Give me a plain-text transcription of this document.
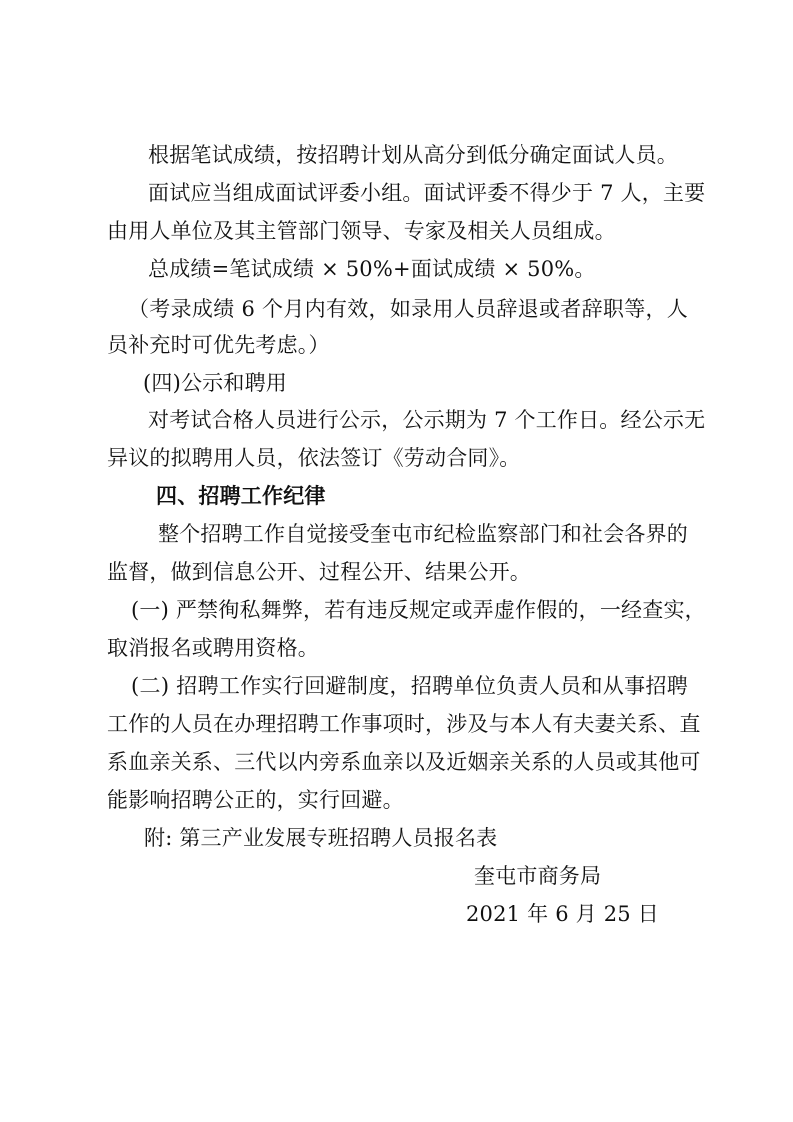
根据笔试成绩，按招聘计划从高分到低分确定面试人员。
面试应当组成面试评委小组。面试评委不得少于 7 人，主要
由用人单位及其主管部门领导、专家及相关人员组成。
总成绩=笔试成绩 × 50%+面试成绩 × 50%。
（考录成绩 6 个月内有效，如录用人员辞退或者辞职等，人
员补充时可优先考虑。）
(四)公示和聘用
对考试合格人员进行公示，公示期为 7 个工作日。经公示无
异议的拟聘用人员，依法签订《劳动合同》。
四、招聘工作纪律
整个招聘工作自觉接受奎屯市纪检监察部门和社会各界的
监督，做到信息公开、过程公开、结果公开。
(一) 严禁徇私舞弊，若有违反规定或弄虚作假的，一经查实，
取消报名或聘用资格。
(二) 招聘工作实行回避制度，招聘单位负责人员和从事招聘
工作的人员在办理招聘工作事项时，涉及与本人有夫妻关系、直
系血亲关系、三代以内旁系血亲以及近姻亲关系的人员或其他可
能影响招聘公正的，实行回避。
附: 第三产业发展专班招聘人员报名表
奎屯市商务局
2021 年 6 月 25 日
